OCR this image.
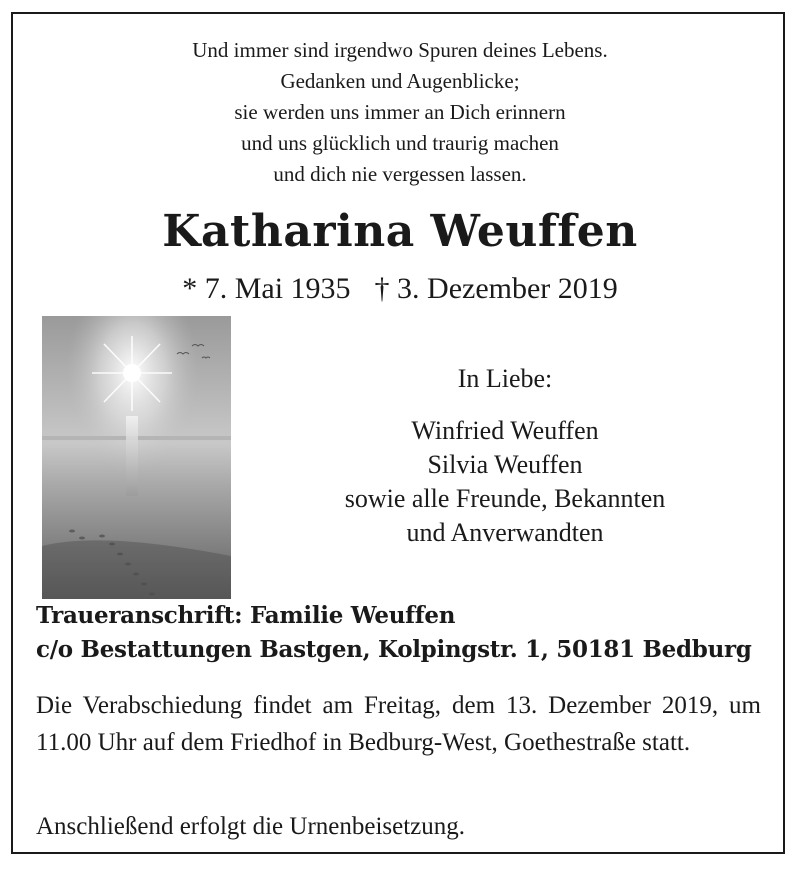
Und immer sind irgendwo Spuren deines Lebens.
Gedanken und Augenblicke;
sie werden uns immer an Dich erinnern
und uns glücklich und traurig machen
und dich nie vergessen lassen.
Katharina Weuffen
* 7. Mai 1935 † 3. Dezember 2019
In Liebe:
Winfried Weuffen
Silvia Weuffen
sowie alle Freunde, Bekannten
und Anverwandten
Traueranschrift: Familie Weuffen
c/o Bestattungen Bastgen, Kolpingstr. 1, 50181 Bedburg
Die Verabschiedung findet am Freitag, dem 13. Dezember 2019, um 11.00 Uhr auf dem Friedhof in Bedburg-West, Goethestraße statt.
Anschließend erfolgt die Urnenbeisetzung.
